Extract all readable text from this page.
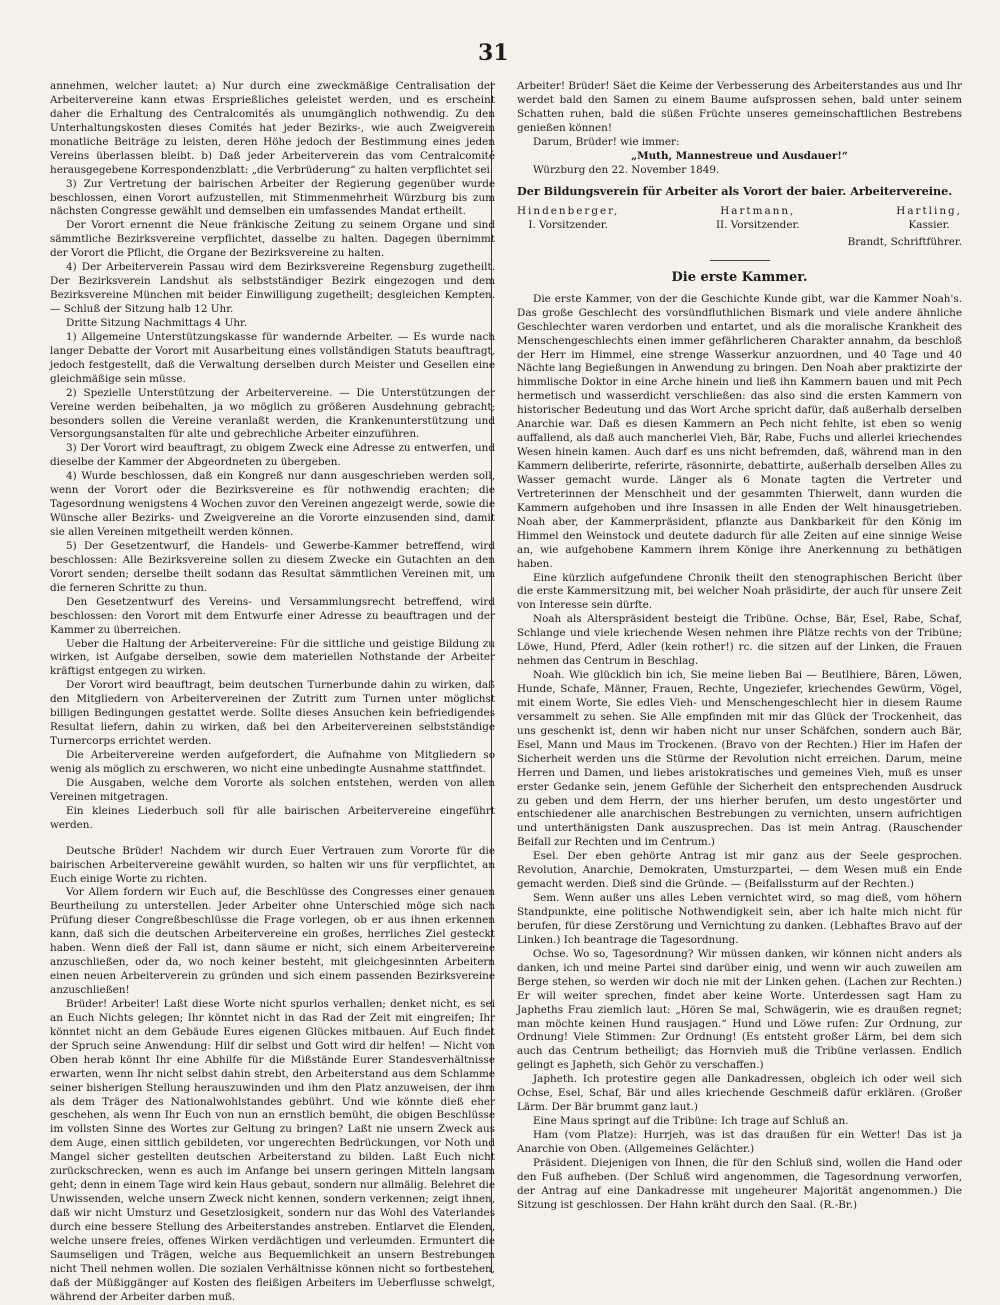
31

annehmen, welcher lautet: a) Nur durch eine zweckmäßige Centralisation der Arbeitervereine kann etwas Ersprießliches geleistet werden, und es erscheint daher die Erhaltung des Centralcomités als unumgänglich nothwendig. Zu den Unterhaltungskosten dieses Comités hat jeder Bezirks-, wie auch Zweigverein monatliche Beiträge zu leisten, deren Höhe jedoch der Bestimmung eines jeden Vereins überlassen bleibt. b) Daß jeder Arbeiterverein das vom Centralcomité herausgegebene Korrespondenzblatt: „die Verbrüderung“ zu halten verpflichtet sei.

3) Zur Vertretung der bairischen Arbeiter der Regierung gegenüber wurde beschlossen, einen Vorort aufzustellen, mit Stimmenmehrheit Würzburg bis zum nächsten Congresse gewählt und demselben ein umfassendes Mandat ertheilt.

Der Vorort ernennt die Neue fränkische Zeitung zu seinem Organe und sind sämmtliche Bezirksvereine verpflichtet, dasselbe zu halten. Dagegen übernimmt der Vorort die Pflicht, die Organe der Bezirksvereine zu halten.

4) Der Arbeiterverein Passau wird dem Bezirksvereine Regensburg zugetheilt. Der Bezirksverein Landshut als selbstständiger Bezirk eingezogen und dem Bezirksvereine München mit beider Einwilligung zugetheilt; desgleichen Kempten. — Schluß der Sitzung halb 12 Uhr.

Dritte Sitzung Nachmittags 4 Uhr.

1) Allgemeine Unterstützungskasse für wandernde Arbeiter. — Es wurde nach langer Debatte der Vorort mit Ausarbeitung eines vollständigen Statuts beauftragt, jedoch festgestellt, daß die Verwaltung derselben durch Meister und Gesellen eine gleichmäßige sein müsse.

2) Spezielle Unterstützung der Arbeitervereine. — Die Unterstützungen der Vereine werden beibehalten, ja wo möglich zu größeren Ausdehnung gebracht; besonders sollen die Vereine veranlaßt werden, die Krankenunterstützung und Versorgungsanstalten für alte und gebrechliche Arbeiter einzuführen.

3) Der Vorort wird beauftragt, zu obigem Zweck eine Adresse zu entwerfen, und dieselbe der Kammer der Abgeordneten zu übergeben.

4) Wurde beschlossen, daß ein Kongreß nur dann ausgeschrieben werden soll, wenn der Vorort oder die Bezirksvereine es für nothwendig erachten; die Tagesordnung wenigstens 4 Wochen zuvor den Vereinen angezeigt werde, sowie die Wünsche aller Bezirks- und Zweigvereine an die Vororte einzusenden sind, damit sie allen Vereinen mitgetheilt werden können.

5) Der Gesetzentwurf, die Handels- und Gewerbe-Kammer betreffend, wird beschlossen: Alle Bezirksvereine sollen zu diesem Zwecke ein Gutachten an den Vorort senden; derselbe theilt sodann das Resultat sämmtlichen Vereinen mit, um die ferneren Schritte zu thun.

Den Gesetzentwurf des Vereins- und Versammlungsrecht betreffend, wird beschlossen: den Vorort mit dem Entwurfe einer Adresse zu beauftragen und der Kammer zu überreichen.

Ueber die Haltung der Arbeitervereine: Für die sittliche und geistige Bildung zu wirken, ist Aufgabe derselben, sowie dem materiellen Nothstande der Arbeiter kräftigst entgegen zu wirken.

Der Vorort wird beauftragt, beim deutschen Turnerbunde dahin zu wirken, daß den Mitgliedern von Arbeitervereinen der Zutritt zum Turnen unter möglichst billigen Bedingungen gestattet werde. Sollte dieses Ansuchen kein befriedigendes Resultat liefern, dahin zu wirken, daß bei den Arbeitervereinen selbstständige Turnercorps errichtet werden.

Die Arbeitervereine werden aufgefordert, die Aufnahme von Mitgliedern so wenig als möglich zu erschweren, wo nicht eine unbedingte Ausnahme stattfindet.

Die Ausgaben, welche dem Vororte als solchen entstehen, werden von allen Vereinen mitgetragen.

Ein kleines Liederbuch soll für alle bairischen Arbeitervereine eingeführt werden.

Deutsche Brüder! Nachdem wir durch Euer Vertrauen zum Vororte für die bairischen Arbeitervereine gewählt wurden, so halten wir uns für verpflichtet, an Euch einige Worte zu richten.

Vor Allem fordern wir Euch auf, die Beschlüsse des Congresses einer genauen Beurtheilung zu unterstellen. Jeder Arbeiter ohne Unterschied möge sich nach Prüfung dieser Congreßbeschlüsse die Frage vorlegen, ob er aus ihnen erkennen kann, daß sich die deutschen Arbeitervereine ein großes, herrliches Ziel gesteckt haben. Wenn dieß der Fall ist, dann säume er nicht, sich einem Arbeitervereine anzuschließen, oder da, wo noch keiner besteht, mit gleichgesinnten Arbeitern einen neuen Arbeiterverein zu gründen und sich einem passenden Bezirksvereine anzuschließen!

Brüder! Arbeiter! Laßt diese Worte nicht spurlos verhallen; denket nicht, es sei an Euch Nichts gelegen; Ihr könntet nicht in das Rad der Zeit mit eingreifen; Ihr könntet nicht an dem Gebäude Eures eigenen Glückes mitbauen. Auf Euch findet der Spruch seine Anwendung: Hilf dir selbst und Gott wird dir helfen! — Nicht von Oben herab könnt Ihr eine Abhilfe für die Mißstände Eurer Standesverhältnisse erwarten, wenn Ihr nicht selbst dahin strebt, den Arbeiterstand aus dem Schlamme seiner bisherigen Stellung herauszuwinden und ihm den Platz anzuweisen, der ihm als dem Träger des Nationalwohlstandes gebührt. Und wie könnte dieß eher geschehen, als wenn Ihr Euch von nun an ernstlich bemüht, die obigen Beschlüsse im vollsten Sinne des Wortes zur Geltung zu bringen? Laßt nie unsern Zweck aus dem Auge, einen sittlich gebildeten, vor ungerechten Bedrückungen, vor Noth und Mangel sicher gestellten deutschen Arbeiterstand zu bilden. Laßt Euch nicht zurückschrecken, wenn es auch im Anfange bei unsern geringen Mitteln langsam geht; denn in einem Tage wird kein Haus gebaut, sondern nur allmälig. Belehret die Unwissenden, welche unsern Zweck nicht kennen, sondern verkennen; zeigt ihnen, daß wir nicht Umsturz und Gesetzlosigkeit, sondern nur das Wohl des Vaterlandes durch eine bessere Stellung des Arbeiterstandes anstreben. Entlarvet die Elenden, welche unsere freies, offenes Wirken verdächtigen und verleumden. Ermuntert die Saumseligen und Trägen, welche aus Bequemlichkeit an unsern Bestrebungen nicht Theil nehmen wollen. Die sozialen Verhältnisse können nicht so fortbestehen, daß der Müßiggänger auf Kosten des fleißigen Arbeiters im Ueberflusse schwelgt, während der Arbeiter darben muß.

Arbeiter! Brüder! Säet die Keime der Verbesserung des Arbeiterstandes aus und Ihr werdet bald den Samen zu einem Baume aufsprossen sehen, bald unter seinem Schatten ruhen, bald die süßen Früchte unseres gemeinschaftlichen Bestrebens genießen können!

Darum, Brüder! wie immer:

„Muth, Mannestreue und Ausdauer!“

Würzburg den 22. November 1849.

Der Bildungsverein für Arbeiter als Vorort der baier. Arbeitervereine.
Hindenberger,
I. Vorsitzender.
Hartmann,
II. Vorsitzender.
Hartling,
Kassier.
Brandt, Schriftführer.
Die erste Kammer.

Die erste Kammer, von der die Geschichte Kunde gibt, war die Kammer Noah's. Das große Geschlecht des vorsündfluthlichen Bismark und viele andere ähnliche Geschlechter waren verdorben und entartet, und als die moralische Krankheit des Menschengeschlechts einen immer gefährlicheren Charakter annahm, da beschloß der Herr im Himmel, eine strenge Wasserkur anzuordnen, und 40 Tage und 40 Nächte lang Begießungen in Anwendung zu bringen. Den Noah aber praktizirte der himmlische Doktor in eine Arche hinein und ließ ihn Kammern bauen und mit Pech hermetisch und wasserdicht verschließen: das also sind die ersten Kammern von historischer Bedeutung und das Wort Arche spricht dafür, daß außerhalb derselben Anarchie war. Daß es diesen Kammern an Pech nicht fehlte, ist eben so wenig auffallend, als daß auch mancherlei Vieh, Bär, Rabe, Fuchs und allerlei kriechendes Wesen hinein kamen. Auch darf es uns nicht befremden, daß, während man in den Kammern deliberirte, referirte, räsonnirte, debattirte, außerhalb derselben Alles zu Wasser gemacht wurde. Länger als 6 Monate tagten die Vertreter und Vertreterinnen der Menschheit und der gesammten Thierwelt, dann wurden die Kammern aufgehoben und ihre Insassen in alle Enden der Welt hinausgetrieben. Noah aber, der Kammerpräsident, pflanzte aus Dankbarkeit für den König im Himmel den Weinstock und deutete dadurch für alle Zeiten auf eine sinnige Weise an, wie aufgehobene Kammern ihrem Könige ihre Anerkennung zu bethätigen haben.

Eine kürzlich aufgefundene Chronik theilt den stenographischen Bericht über die erste Kammersitzung mit, bei welcher Noah präsidirte, der auch für unsere Zeit von Interesse sein dürfte.

Noah als Alterspräsident besteigt die Tribüne. Ochse, Bär, Esel, Rabe, Schaf, Schlange und viele kriechende Wesen nehmen ihre Plätze rechts von der Tribüne; Löwe, Hund, Pferd, Adler (kein rother!) rc. die sitzen auf der Linken, die Frauen nehmen das Centrum in Beschlag.

Noah. Wie glücklich bin ich, Sie meine lieben Bai — Beutlhiere, Bären, Löwen, Hunde, Schafe, Männer, Frauen, Rechte, Ungeziefer, kriechendes Gewürm, Vögel, mit einem Worte, Sie edles Vieh- und Menschengeschlecht hier in diesem Raume versammelt zu sehen. Sie Alle empfinden mit mir das Glück der Trockenheit, das uns geschenkt ist, denn wir haben nicht nur unser Schäfchen, sondern auch Bär, Esel, Mann und Maus im Trockenen. (Bravo von der Rechten.) Hier im Hafen der Sicherheit werden uns die Stürme der Revolution nicht erreichen. Darum, meine Herren und Damen, und liebes aristokratisches und gemeines Vieh, muß es unser erster Gedanke sein, jenem Gefühle der Sicherheit den entsprechenden Ausdruck zu geben und dem Herrn, der uns hierher berufen, um desto ungestörter und entschiedener alle anarchischen Bestrebungen zu vernichten, unsern aufrichtigen und unterthänigsten Dank auszusprechen. Das ist mein Antrag. (Rauschender Beifall zur Rechten und im Centrum.)

Esel. Der eben gehörte Antrag ist mir ganz aus der Seele gesprochen. Revolution, Anarchie, Demokraten, Umsturzpartei, — dem Wesen muß ein Ende gemacht werden. Dieß sind die Gründe. — (Beifallssturm auf der Rechten.)

Sem. Wenn außer uns alles Leben vernichtet wird, so mag dieß, vom höhern Standpunkte, eine politische Nothwendigkeit sein, aber ich halte mich nicht für berufen, für diese Zerstörung und Vernichtung zu danken. (Lebhaftes Bravo auf der Linken.) Ich beantrage die Tagesordnung.

Ochse. Wo so, Tagesordnung? Wir müssen danken, wir können nicht anders als danken, ich und meine Partei sind darüber einig, und wenn wir auch zuweilen am Berge stehen, so werden wir doch nie mit der Linken gehen. (Lachen zur Rechten.) Er will weiter sprechen, findet aber keine Worte. Unterdessen sagt Ham zu Japheths Frau ziemlich laut: „Hören Se mal, Schwägerin, wie es draußen regnet; man möchte keinen Hund rausjagen.“ Hund und Löwe rufen: Zur Ordnung, zur Ordnung! Viele Stimmen: Zur Ordnung! (Es entsteht großer Lärm, bei dem sich auch das Centrum betheiligt; das Hornvieh muß die Tribüne verlassen. Endlich gelingt es Japheth, sich Gehör zu verschaffen.)

Japheth. Ich protestire gegen alle Dankadressen, obgleich ich oder weil sich Ochse, Esel, Schaf, Bär und alles kriechende Geschmeiß dafür erklären. (Großer Lärm. Der Bär brummt ganz laut.)

Eine Maus springt auf die Tribüne: Ich trage auf Schluß an.

Ham (vom Platze): Hurrjeh, was ist das draußen für ein Wetter! Das ist ja Anarchie von Oben. (Allgemeines Gelächter.)

Präsident. Diejenigen von Ihnen, die für den Schluß sind, wollen die Hand oder den Fuß aufheben. (Der Schluß wird angenommen, die Tagesordnung verworfen, der Antrag auf eine Dankadresse mit ungeheurer Majorität angenommen.) Die Sitzung ist geschlossen. Der Hahn kräht durch den Saal. (R.-Br.)
